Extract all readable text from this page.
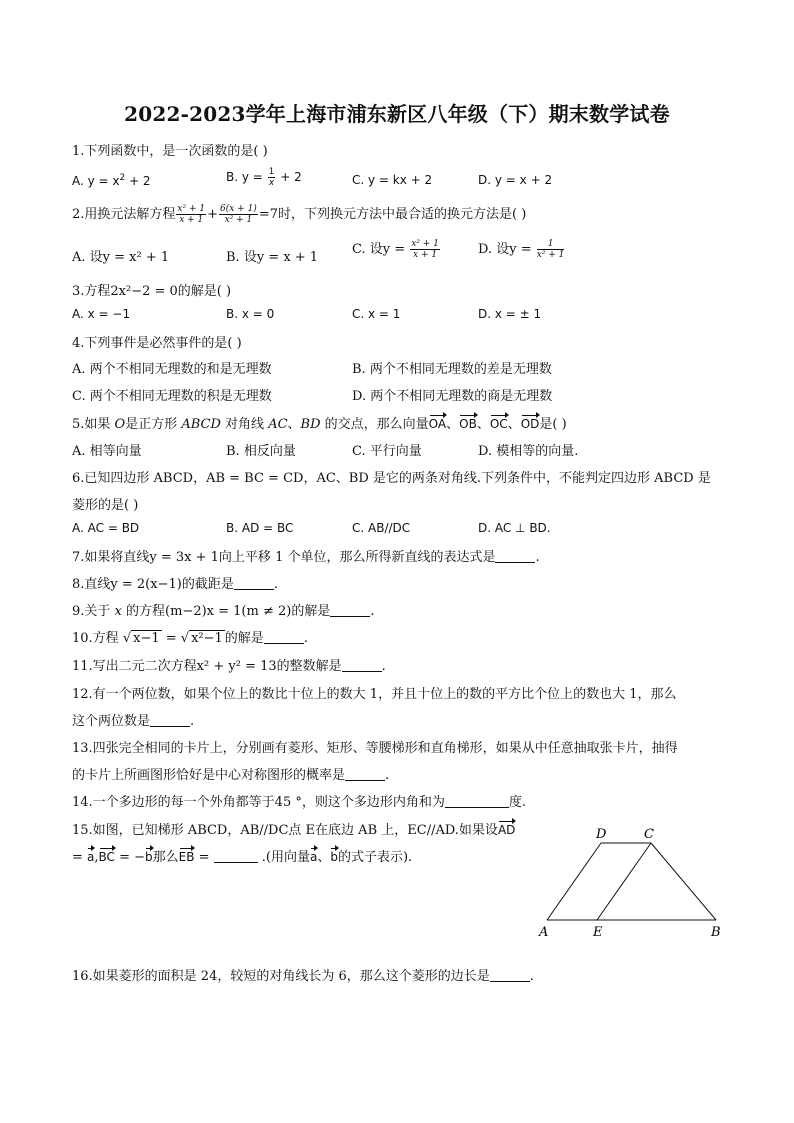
2022-2023学年上海市浦东新区八年级（下）期末数学试卷
1.下列函数中，是一次函数的是( )
A. $y = x^2 + 2$	B. $y = \frac{1}{x} + 2$	C. y = kx + 2	D. y = x + 2
2.用换元法解方程 $\frac{\text{x² + 1}}{x + 1} + \frac{6(x + 1)}{\text{x² + 1}} =7$时，下列换元方法中最合适的换元方法是( )
A. 设y = x² + 1	B. 设y = x + 1
C. 设$y = \frac{\text{x² + 1}}{x + 1}$	D. 设$y = \frac{1}{\text{x² + 1}}$
3.方程2x²−2 = 0的解是( )
A. x = −1	B. x = 0	C. x = 1	D. x = ± 1
4.下列事件是必然事件的是( )
A. 两个不相同无理数的和是无理数	B. 两个不相同无理数的差是无理数
C. 两个不相同无理数的积是无理数	D. 两个不相同无理数的商是无理数
5.如果 O是正方形 ABCD 对角线 AC、BD 的交点，那么向量OA、OB、OC、OD是( )
A. 相等向量	B. 相反向量	C. 平行向量	D. 模相等的向量.
6.已知四边形 ABCD，AB = BC = CD，AC、BD 是它的两条对角线.下列条件中，不能判定四边形 ABCD 是
菱形的是( )
A. AC = BD	B. AD = BC	C. AB//DC	D. AC ⊥ BD.
7.如果将直线y = 3x + 1向上平移 1 个单位，那么所得新直线的表达式是	.
8.直线y = 2(x−1)的截距是	.
9.关于 x 的方程(m−2)x = 1(m ≠ 2)的解是	.
10.方程 √ x−1 = √ x²−1 的解是	.
11.写出二元二次方程x² + y² = 13的整数解是	.
12.有一个两位数，如果个位上的数比十位上的数大 1，并且十位上的数的平方比个位上的数也大 1，那么
这个两位数是	.
13.四张完全相同的卡片上，分别画有菱形、矩形、等腰梯形和直角梯形，如果从中任意抽取张卡片，抽得
的卡片上所画图形恰好是中心对称图形的概率是	.
14.一个多边形的每一个外角都等于45 °，则这个多边形内角和为	度.
15.如图，已知梯形 ABCD，AB//DC点 E在底边 AB 上，EC//AD.如果设AD
= a,BC = −b那么EB =	.(用向量a、b的式子表示).
D	C
A	E	B
16.如果菱形的面积是 24，较短的对角线长为 6，那么这个菱形的边长是	.
